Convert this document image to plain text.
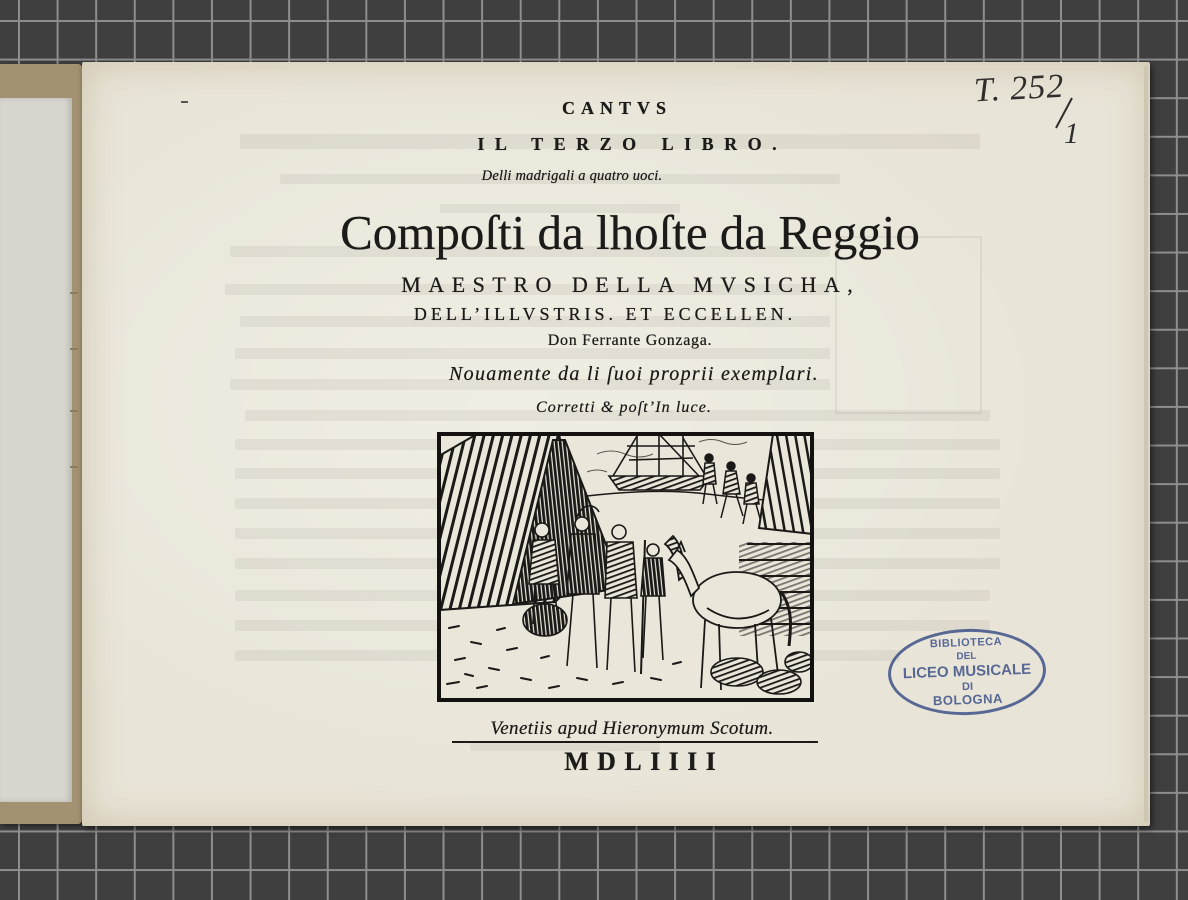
CANTVS
IL TERZO LIBRO.
Delli madrigali a quatro uoci.
Compoſti da lhoſte da Reggio
MAESTRO DELLA MVSICHA,
DELL’ILLVSTRIS. ET ECCELLEN.
Don Ferrante Gonzaga.
Nouamente da li ſuoi proprii exemplari.
Corretti & poſt’In luce.
Venetiis apud Hieronymum Scotum.
MDLIIII
T. 252
1
BIBLIOTECA
DEL
LICEO MUSICALE
DI
BOLOGNA
